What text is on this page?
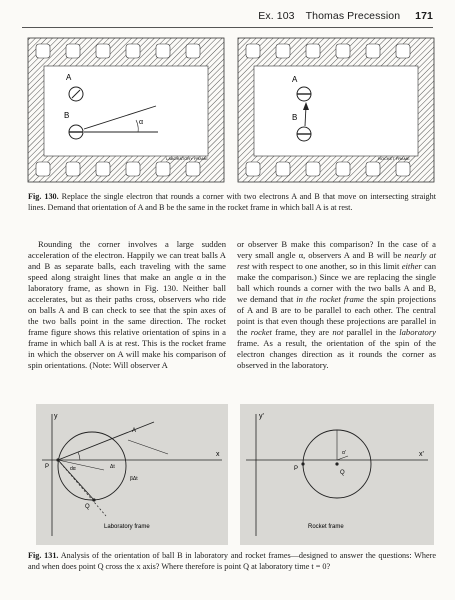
Ex. 103 Thomas Precession 171
B
A
α
LABORATORY FRAME
A
B
ROCKET FRAME
Fig. 130. Replace the single electron that rounds a corner with two electrons A and B that move on intersecting straight lines. Demand that orientation of A and B be the same in the rocket frame in which ball A is at rest.

Rounding the corner involves a large sudden acceleration of the electron. Happily we can treat balls A and B as separate balls, each traveling with the same speed along straight lines that make an angle α in the laboratory frame, as shown in Fig. 130. Neither ball accelerates, but as their paths cross, observers who ride on balls A and B can check to see that the spin axes of the two balls point in the same direction. The rocket frame figure shows this relative orientation of spins in a frame in which ball A is at rest. This is the rocket frame in which the observer on A will make his comparison of spin orientations. (Note: Will observer A

or observer B make this comparison? In the case of a very small angle α, observers A and B will be nearly at rest with respect to one another, so in this limit either can make the comparison.) Since we are replacing the single ball which rounds a corner with the two balls A and B, we demand that in the rocket frame the spin projections of A and B are to be parallel to each other. The central point is that even though these projections are parallel in the rocket frame, they are not parallel in the laboratory frame. As a result, the orientation of the spin of the electron changes direction as it rounds the corner as observed in the laboratory.

y
x
P
A
Q
dα	Δt
βΔt
Laboratory frame
y'
x'
P
Q
α'
Rocket frame
Fig. 131. Analysis of the orientation of ball B in laboratory and rocket frames—designed to answer the questions: Where and when does point Q cross the x axis? Where therefore is point Q at laboratory time t = 0?
